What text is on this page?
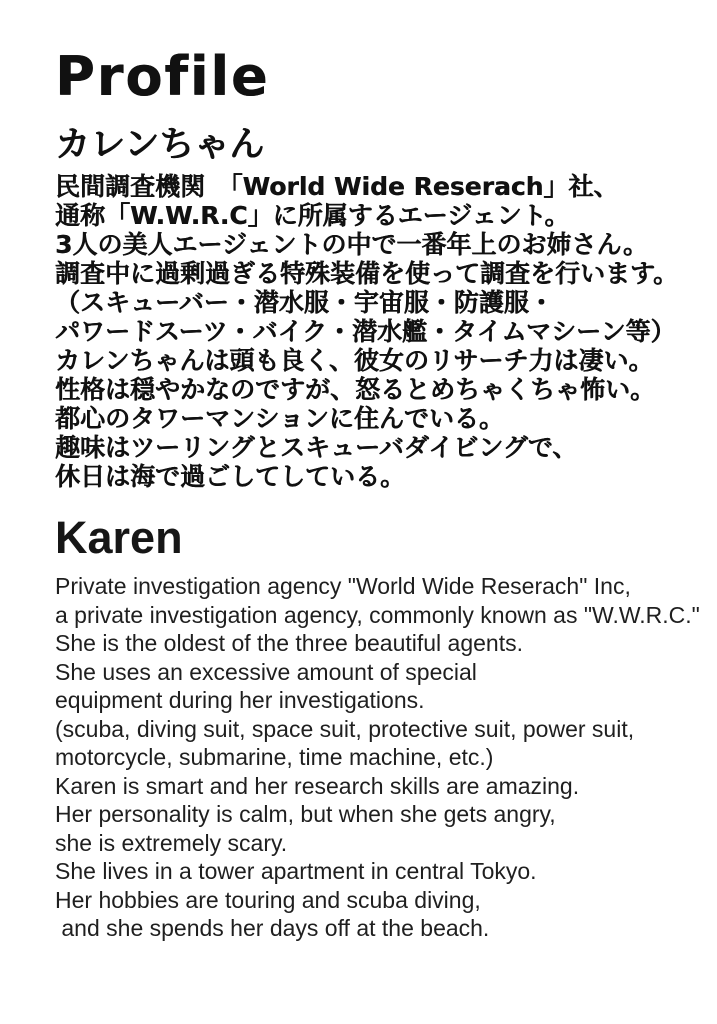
Profile
カレンちゃん
民間調査機関　「World Wide Reserach」社、
通称「W.W.R.C」に所属するエージェント。
3人の美人エージェントの中で一番年上のお姉さん。
調査中に過剰過ぎる特殊装備を使って調査を行います。
（スキューバー・潜水服・宇宙服・防護服・
パワードスーツ・バイク・潜水艦・タイムマシーン等）
カレンちゃんは頭も良く、彼女のリサーチ力は凄い。
性格は穏やかなのですが、怒るとめちゃくちゃ怖い。
都心のタワーマンションに住んでいる。
趣味はツーリングとスキューバダイビングで、
休日は海で過ごしてしている。
Karen
Private investigation agency "World Wide Reserach" Inc,
a private investigation agency, commonly known as "W.W.R.C."
She is the oldest of the three beautiful agents.
She uses an excessive amount of special
equipment during her investigations.
(scuba, diving suit, space suit, protective suit, power suit,
motorcycle, submarine, time machine, etc.)
Karen is smart and her research skills are amazing.
Her personality is calm, but when she gets angry,
she is extremely scary.
She lives in a tower apartment in central Tokyo.
Her hobbies are touring and scuba diving,
and she spends her days off at the beach.
